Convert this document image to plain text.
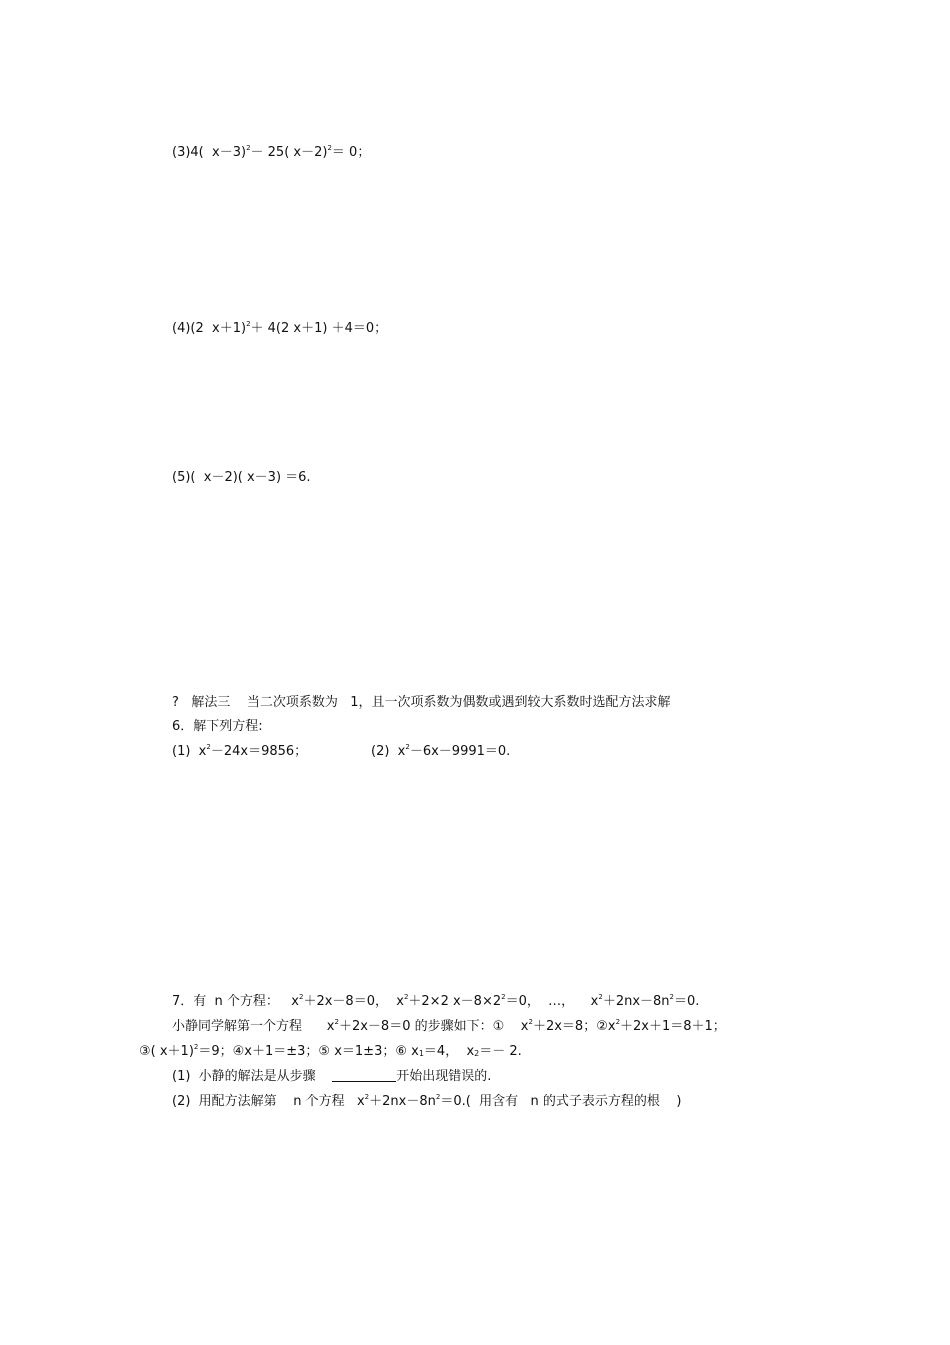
(3)4(  x－3)$^2$－ 25( x－2)$^2$＝ 0；
(4)(2  x＋1)$^2$＋ 4(2 x＋1) ＋4＝0；
(5)(  x－2)( x－3) ＝6.
? 解法三    当二次项系数为   1，且一次项系数为偶数或遇到较大系数时选配方法求解
6．解下列方程:
(1)  $x^2-24x=9856$；	(2)  $x^2-6x-9991=0$.
7．有  n 个方程：   $x^2+2x-8=0$，  $x^2+2\times 2$ $x-8\times 2^2=0$，  …，    $x^2+2nx-8n^2=0$.
小静同学解第一个方程      $x^2+2x-8=0$ 的步骤如下：①    $x^2+2x=8$；$②x^2+2x+1=8+1$；
③( x＋1)$^2$＝9；④x＋1＝±3；⑤ x＝1±3；⑥ $x_1=4$，  $x_2=- 2$.
(1)  小静的解法是从步骤	开始出现错误的.
(2)  用配方法解第    n 个方程   $x^2+2nx-8n^2=0$.(  用含有   n 的式子表示方程的根    )
